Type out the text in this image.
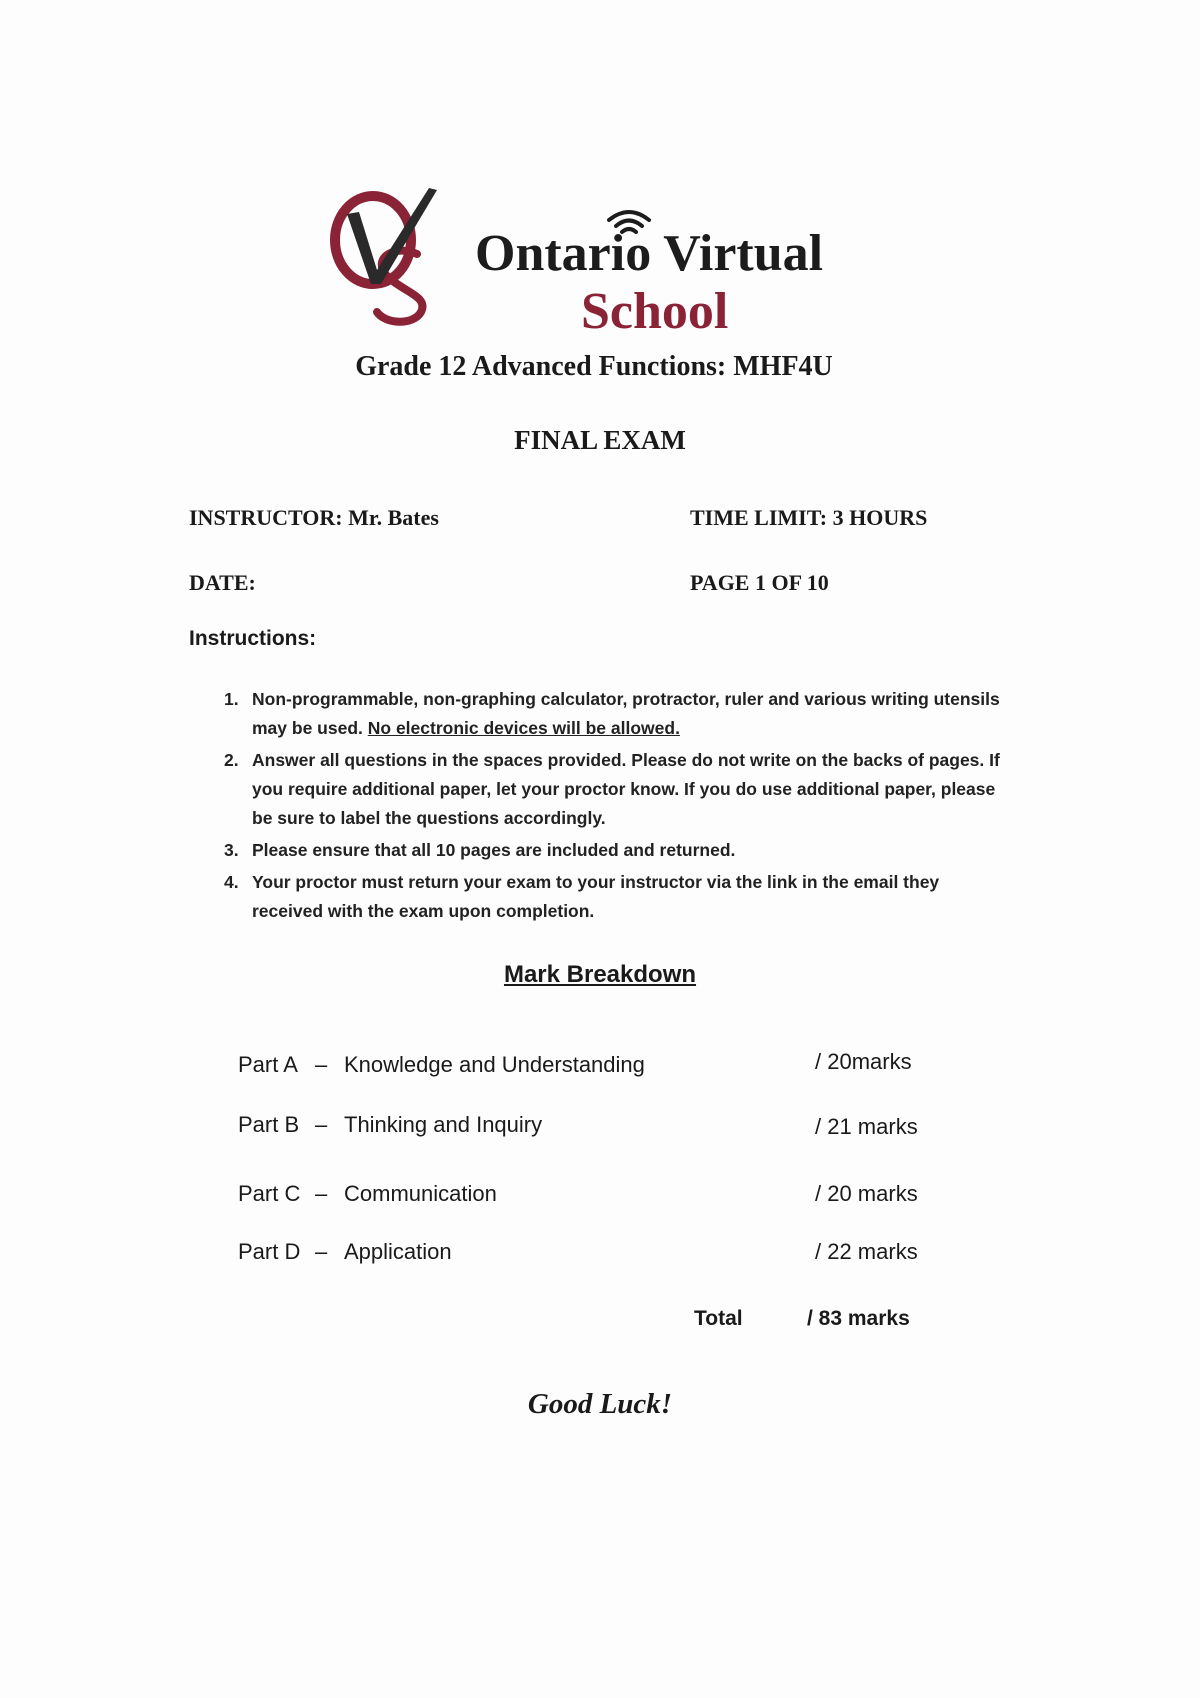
Ontario Virtual
School
Grade 12 Advanced Functions: MHF4U
FINAL EXAM
INSTRUCTOR: Mr. Bates	TIME LIMIT: 3 HOURS
DATE:	PAGE 1 OF 10
Instructions:
1. Non-programmable, non-graphing calculator, protractor, ruler and various writing utensils may be used. No electronic devices will be allowed.
2. Answer all questions in the spaces provided. Please do not write on the backs of pages. If you require additional paper, let your proctor know. If you do use additional paper, please be sure to label the questions accordingly.
3. Please ensure that all 10 pages are included and returned.
4. Your proctor must return your exam to your instructor via the link in the email they received with the exam upon completion.
Mark Breakdown
Part A – Knowledge and Understanding	/ 20marks
Part B – Thinking and Inquiry	/ 21 marks
Part C – Communication	/ 20 marks
Part D – Application	/ 22 marks
Total	/ 83 marks
Good Luck!
